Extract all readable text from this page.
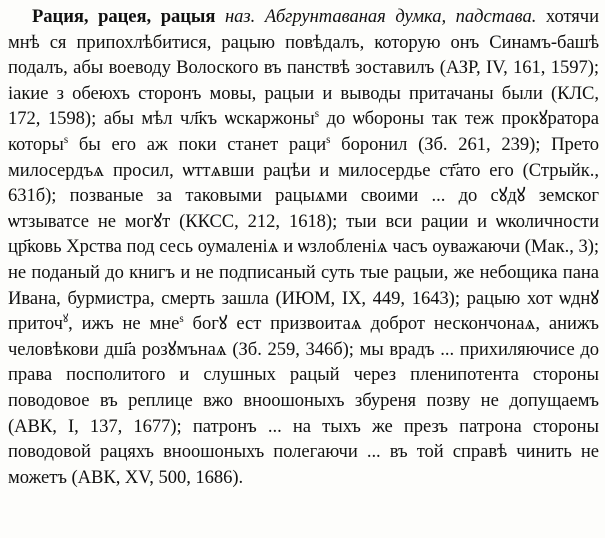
Рация, рацея, рацыя наз. Абгрунтаваная думка, падстава. хотячи мнѣ ся припохлѣбитися, рацыю повѣдалъ, которую онъ Синамъ-башѣ подалъ, абы воеводу Волоского въ панствѣ зоставилъ (АЗР, IV, 161, 1597); iакие з обеюхъ сторонъ мовы, рацыи и выводы притачаны были (КЛС, 172, 1598); абы мѣл чл҃къ ѡскаржоны$^ѕ$ до ѡбороны так теж прокꙋратора которы$^ѕ$ бы его аж поки станет раци$^ѕ$ боронил (Зб. 261, 239); Прето милосердъѧ просил, ѡттѧвши рацѣи и милосердье ст҃ато его (Стрыйк., 631б); позваные за таковыми рацыѧми своими ... до сꙋдꙋ земског ѡтзыватсе не могꙋт (ККСС, 212, 1618); тыи вси рации и ѡколичности цр҃ковь Хрства под сесь оумаленiѧ и ѡзлобленiѧ часъ оуважаючи (Мак., 3); не поданый до книгъ и не подписаный суть тые рацыи, же небощика пана Ивана, бурмистра, смерть зашла (ИЮМ, IX, 449, 1643); рацыю хот ѡднꙋ приточ$^ꙋ$, ижъ не мне$^ѕ$ богꙋ ест призвоитаѧ доброт нескончонаѧ, анижъ человѣкови дш҃а розꙋмънаѧ (Зб. 259, 346б); мы врадъ ... прихиляючисе до права посполитого и слушных рацый через пленипотента стороны поводовое въ реплице вжо вноошоныхъ збуреня позву не допущаемъ (АВК, I, 137, 1677); патронъ ... на тыхъ же презъ патрона стороны поводовой рацяхъ вноошоныхъ полегаючи ... въ той справѣ чинить не можетъ (АВК, XV, 500, 1686).
